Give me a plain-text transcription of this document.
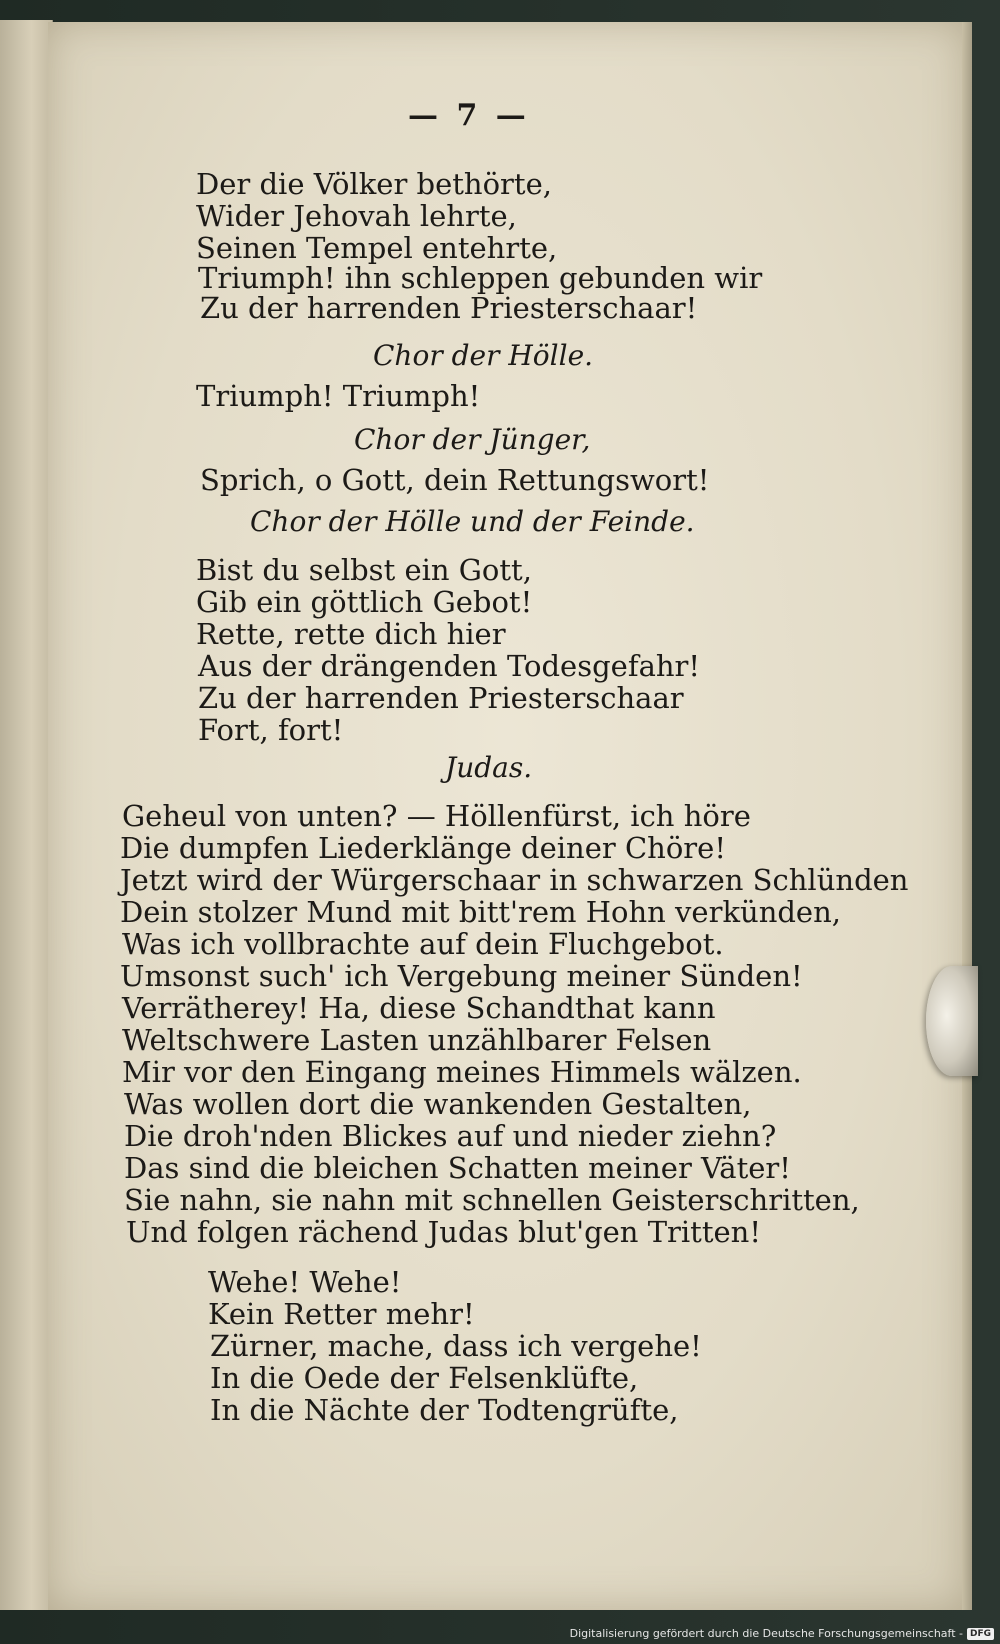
— 7 —
Der die Völker bethörte,
Wider Jehovah lehrte,
Seinen Tempel entehrte,
Triumph! ihn schleppen gebunden wir
Zu der harrenden Priesterschaar!
Chor der Hölle.
Triumph! Triumph!
Chor der Jünger,
Sprich, o Gott, dein Rettungswort!
Chor der Hölle und der Feinde.
Bist du selbst ein Gott,
Gib ein göttlich Gebot!
Rette, rette dich hier
Aus der drängenden Todesgefahr!
Zu der harrenden Priesterschaar
Fort, fort!
Judas.
Geheul von unten? — Höllenfürst, ich höre
Die dumpfen Liederklänge deiner Chöre!
Jetzt wird der Würgerschaar in schwarzen Schlünden
Dein stolzer Mund mit bitt'rem Hohn verkünden,
Was ich vollbrachte auf dein Fluchgebot.
Umsonst such' ich Vergebung meiner Sünden!
Verrätherey! Ha, diese Schandthat kann
Weltschwere Lasten unzählbarer Felsen
Mir vor den Eingang meines Himmels wälzen.
Was wollen dort die wankenden Gestalten,
Die droh'nden Blickes auf und nieder ziehn?
Das sind die bleichen Schatten meiner Väter!
Sie nahn, sie nahn mit schnellen Geisterschritten,
Und folgen rächend Judas blut'gen Tritten!
Wehe! Wehe!
Kein Retter mehr!
Zürner, mache, dass ich vergehe!
In die Oede der Felsenklüfte,
In die Nächte der Todtengrüfte,
Digitalisierung gefördert durch die Deutsche Forschungsgemeinschaft - DFG
